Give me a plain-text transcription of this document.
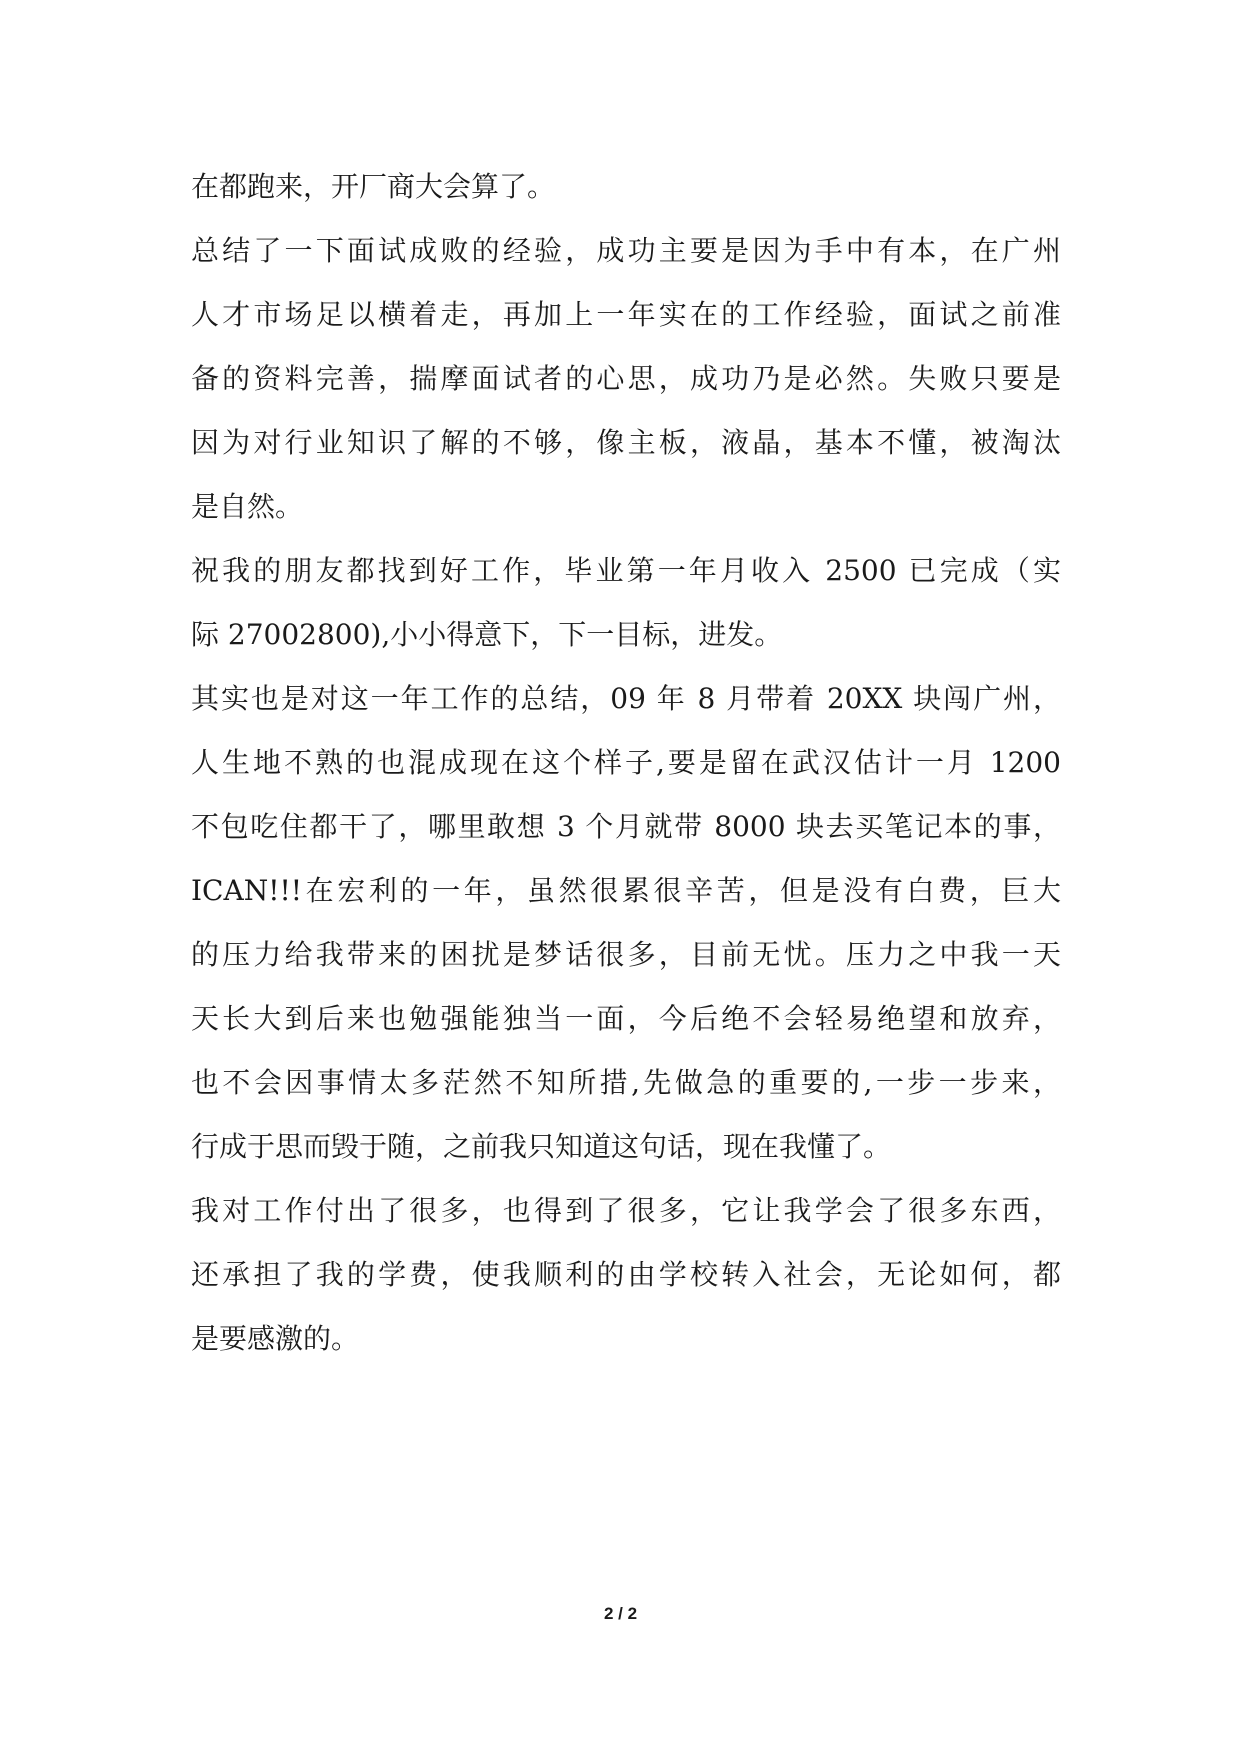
在都跑来，开厂商大会算了。
总结了一下面试成败的经验，成功主要是因为手中有本，在广州
人才市场足以横着走，再加上一年实在的工作经验，面试之前准
备的资料完善，揣摩面试者的心思，成功乃是必然。失败只要是
因为对行业知识了解的不够，像主板，液晶，基本不懂，被淘汰
是自然。
祝我的朋友都找到好工作，毕业第一年月收入 2500 已完成（实
际 27002800),小小得意下，下一目标，进发。
其实也是对这一年工作的总结，09 年 8 月带着 20XX 块闯广州，
人生地不熟的也混成现在这个样子,要是留在武汉估计一月 1200
不包吃住都干了，哪里敢想 3 个月就带 8000 块去买笔记本的事，
ICAN!!!在宏利的一年，虽然很累很辛苦，但是没有白费，巨大
的压力给我带来的困扰是梦话很多，目前无忧。压力之中我一天
天长大到后来也勉强能独当一面，今后绝不会轻易绝望和放弃，
也不会因事情太多茫然不知所措,先做急的重要的,一步一步来，
行成于思而毁于随，之前我只知道这句话，现在我懂了。
我对工作付出了很多，也得到了很多，它让我学会了很多东西，
还承担了我的学费，使我顺利的由学校转入社会，无论如何，都
是要感激的。
2 / 2
